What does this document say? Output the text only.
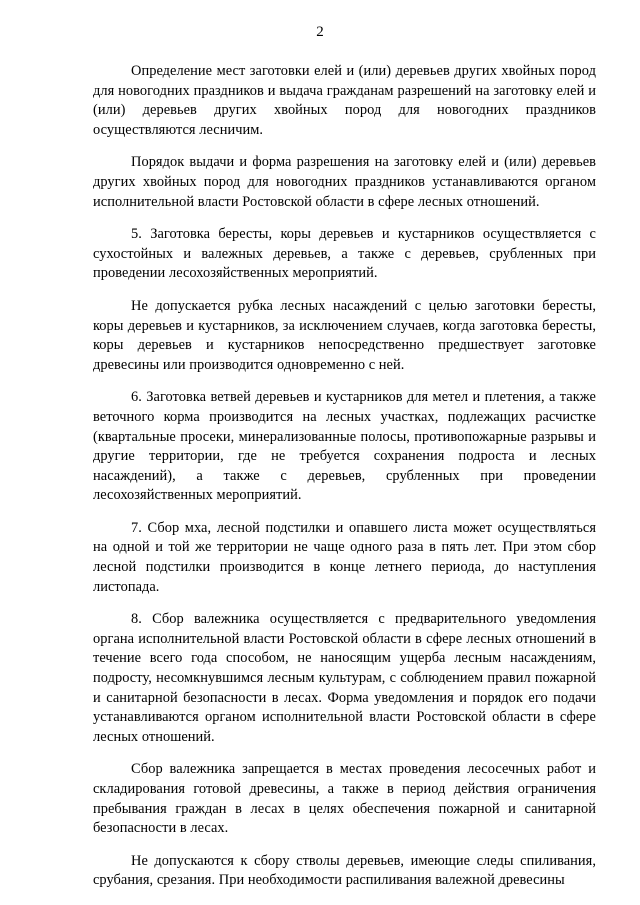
2

Определение мест заготовки елей и (или) деревьев других хвойных пород для новогодних праздников и выдача гражданам разрешений на заготовку елей и (или) деревьев других хвойных пород для новогодних праздников осуществляются лесничим.

Порядок выдачи и форма разрешения на заготовку елей и (или) деревьев других хвойных пород для новогодних праздников устанавливаются органом исполнительной власти Ростовской области в сфере лесных отношений.

5. Заготовка бересты, коры деревьев и кустарников осуществляется с сухостойных и валежных деревьев, а также с деревьев, срубленных при проведении лесохозяйственных мероприятий.

Не допускается рубка лесных насаждений с целью заготовки бересты, коры деревьев и кустарников, за исключением случаев, когда заготовка бересты, коры деревьев и кустарников непосредственно предшествует заготовке древесины или производится одновременно с ней.

6. Заготовка ветвей деревьев и кустарников для метел и плетения, а также веточного корма производится на лесных участках, подлежащих расчистке (квартальные просеки, минерализованные полосы, противопожарные разрывы и другие территории, где не требуется сохранения подроста и лесных насаждений), а также с деревьев, срубленных при проведении лесохозяйственных мероприятий.

7. Сбор мха, лесной подстилки и опавшего листа может осуществляться на одной и той же территории не чаще одного раза в пять лет. При этом сбор лесной подстилки производится в конце летнего периода, до наступления листопада.

8. Сбор валежника осуществляется с предварительного уведомления органа исполнительной власти Ростовской области в сфере лесных отношений в течение всего года способом, не наносящим ущерба лесным насаждениям, подросту, несомкнувшимся лесным культурам, с соблюдением правил пожарной и санитарной безопасности в лесах. Форма уведомления и порядок его подачи устанавливаются органом исполнительной власти Ростовской области в сфере лесных отношений.

Сбор валежника запрещается в местах проведения лесосечных работ и складирования готовой древесины, а также в период действия ограничения пребывания граждан в лесах в целях обеспечения пожарной и санитарной безопасности в лесах.

Не допускаются к сбору стволы деревьев, имеющие следы спиливания, срубания, срезания. При необходимости распиливания валежной древесины
